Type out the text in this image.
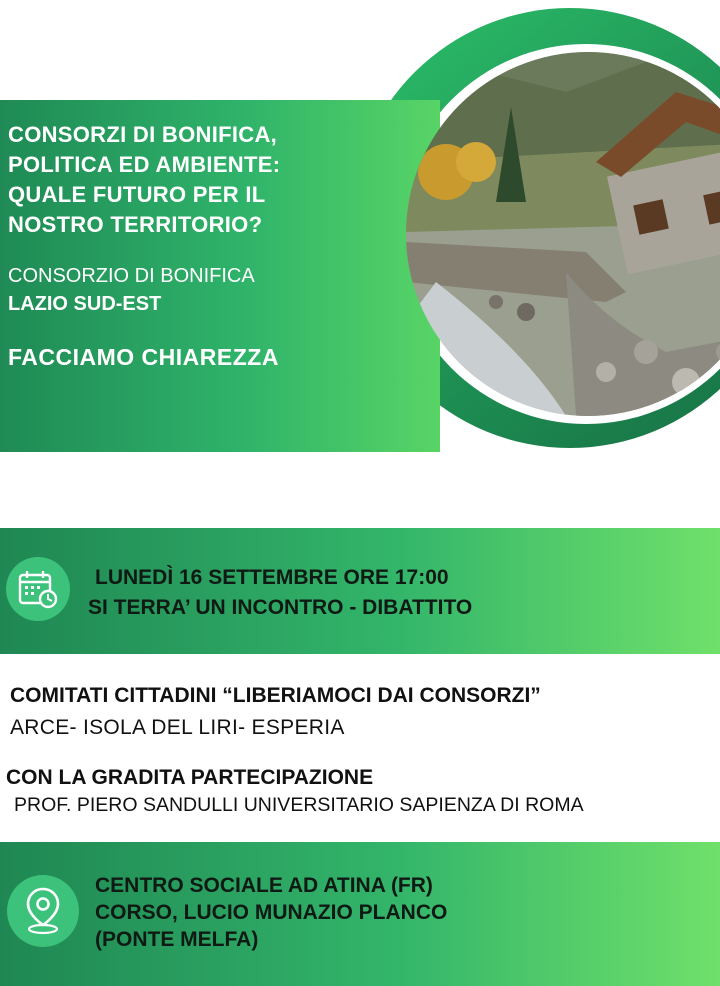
CONSORZI DI BONIFICA,
POLITICA ED AMBIENTE:
QUALE FUTURO PER IL
NOSTRO TERRITORIO?
CONSORZIO DI BONIFICA
LAZIO SUD-EST
FACCIAMO CHIAREZZA
LUNEDÌ 16 SETTEMBRE ORE 17:00
SI TERRA’ UN INCONTRO - DIBATTITO
COMITATI CITTADINI “LIBERIAMOCI DAI CONSORZI”
ARCE- ISOLA DEL LIRI- ESPERIA
CON LA GRADITA PARTECIPAZIONE
PROF. PIERO SANDULLI UNIVERSITARIO SAPIENZA DI ROMA
CENTRO SOCIALE AD ATINA (FR)
CORSO, LUCIO MUNAZIO PLANCO
(PONTE MELFA)
